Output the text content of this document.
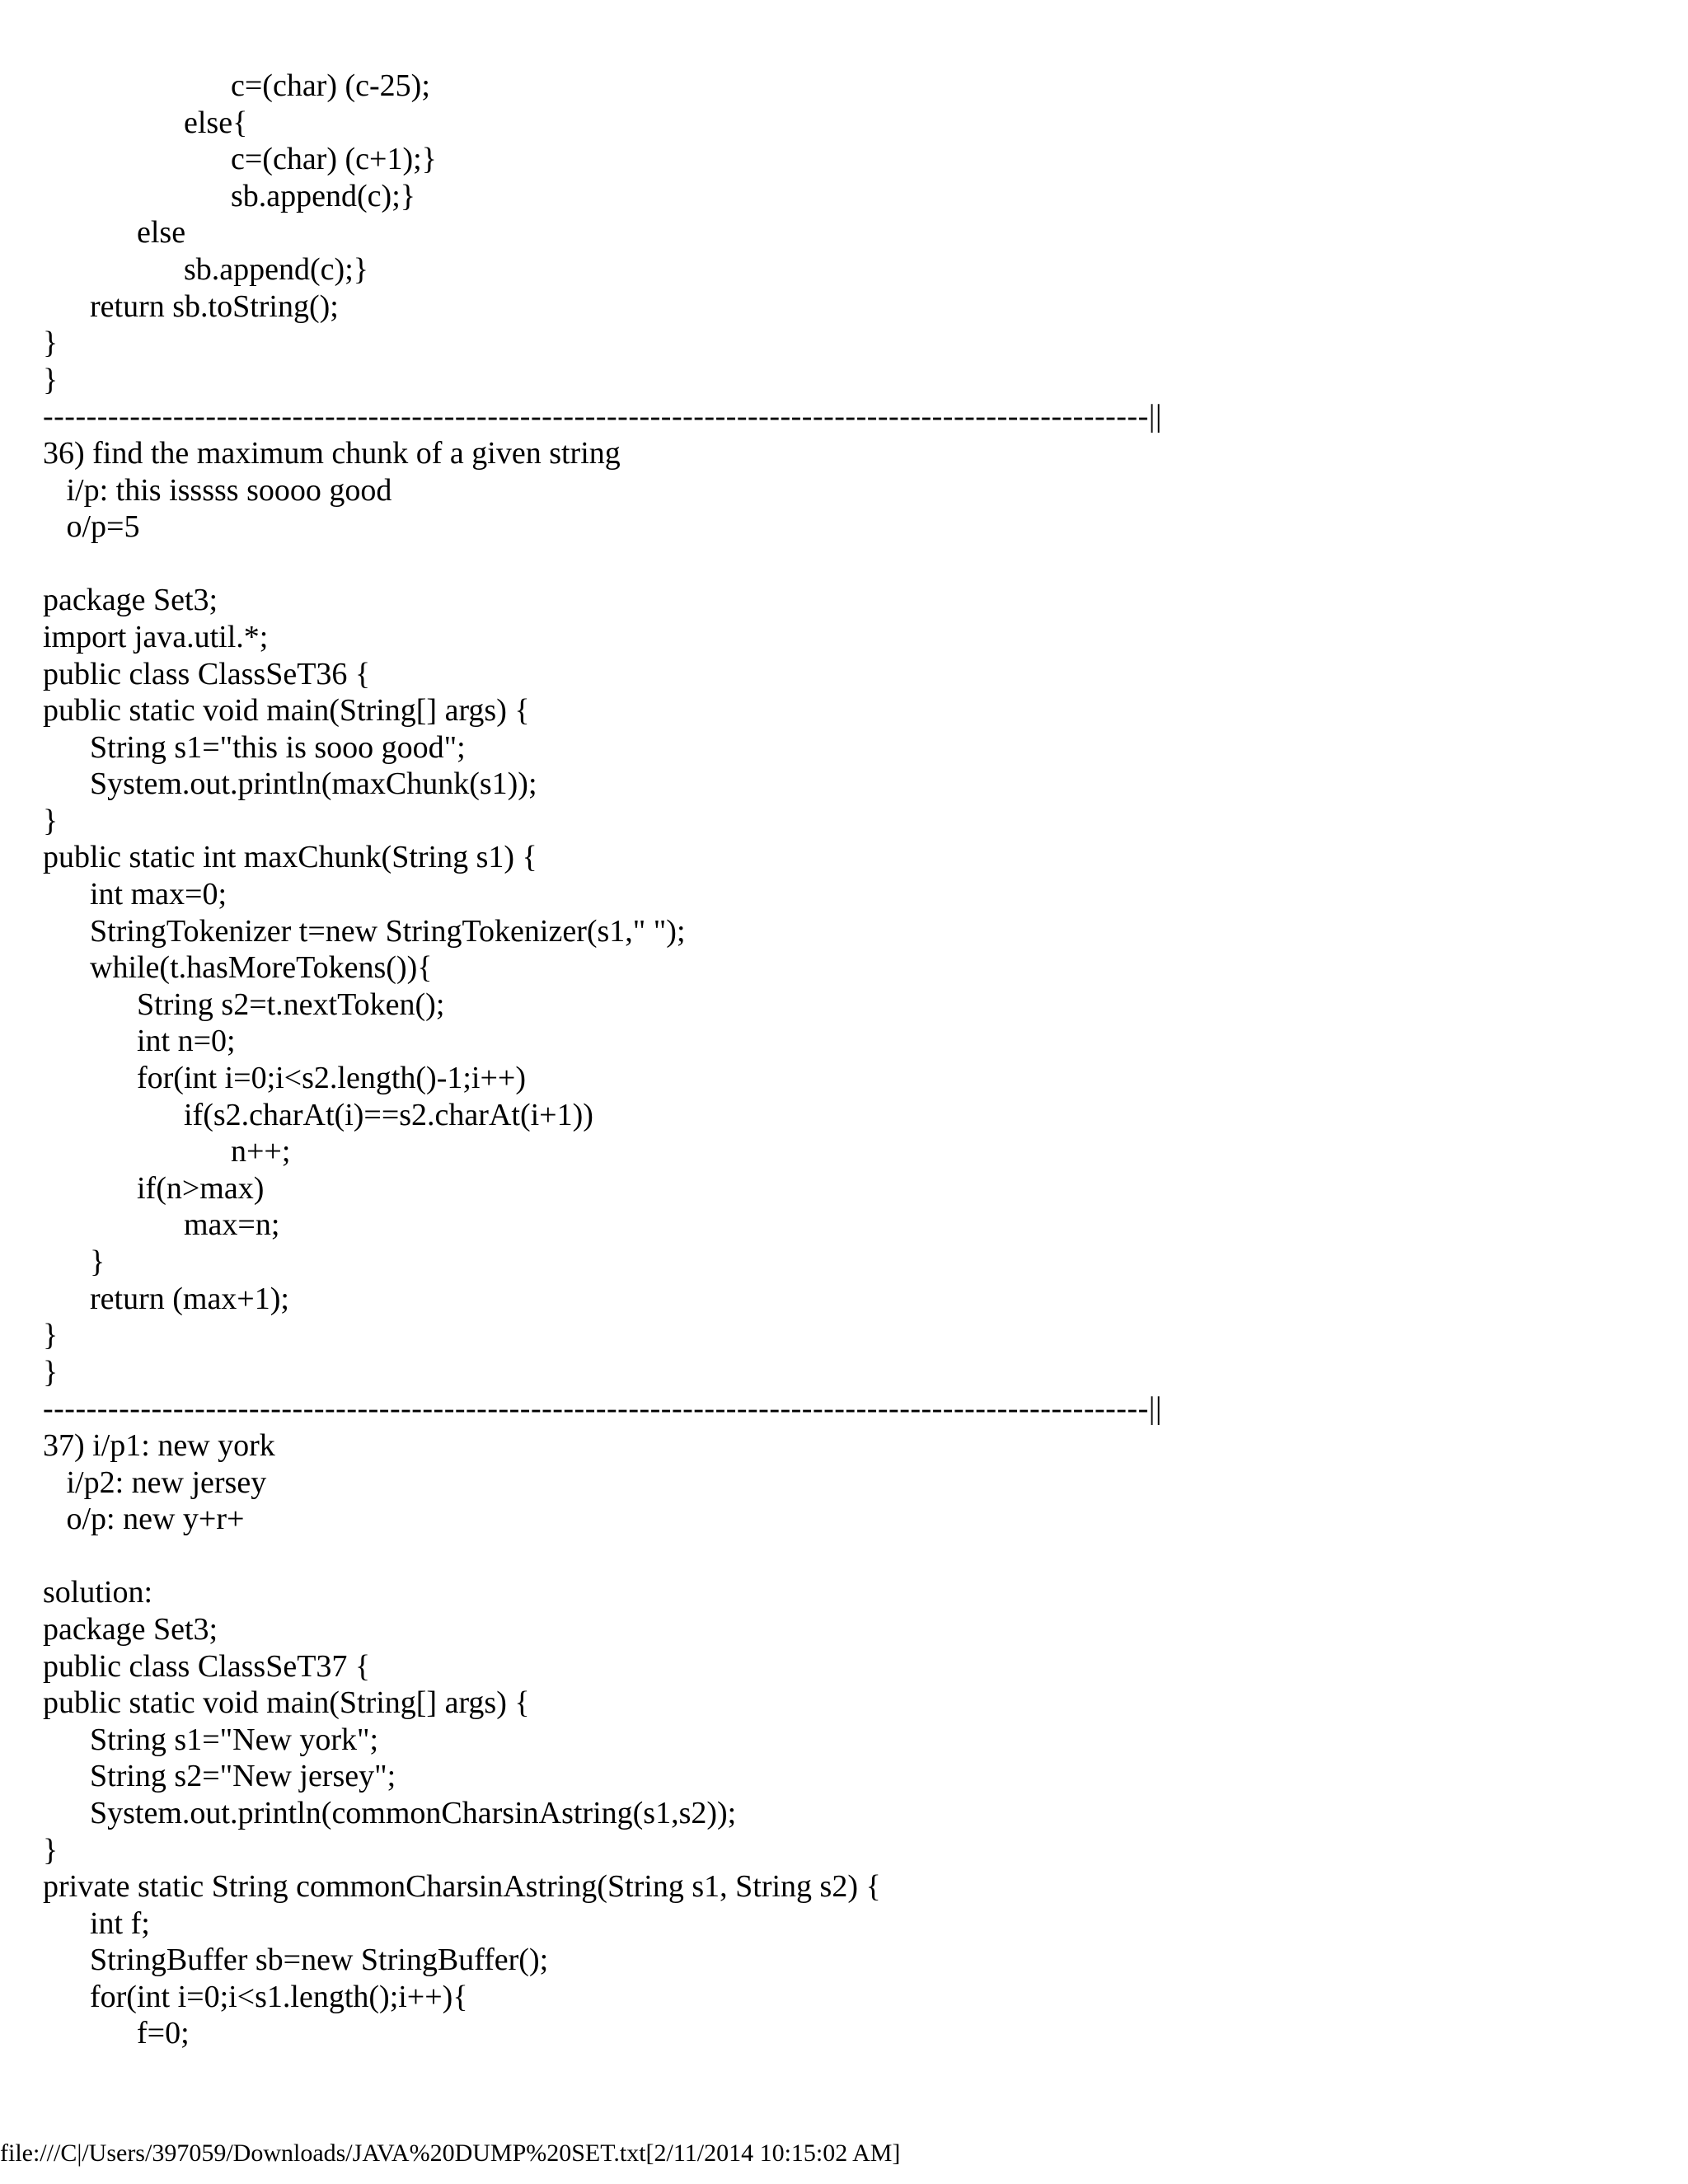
c=(char) (c-25);
else{
c=(char) (c+1);}
sb.append(c);}
else
sb.append(c);}
return sb.toString();
}
}
------------------------------------------------------------------------------------------------------||
36) find the maximum chunk of a given string
i/p: this isssss soooo good
o/p=5
package Set3;
import java.util.*;
public class ClassSeT36 {
public static void main(String[] args) {
String s1="this is sooo good";
System.out.println(maxChunk(s1));
}
public static int maxChunk(String s1) {
int max=0;
StringTokenizer t=new StringTokenizer(s1," ");
while(t.hasMoreTokens()){
String s2=t.nextToken();
int n=0;
for(int i=0;i<s2.length()-1;i++)
if(s2.charAt(i)==s2.charAt(i+1))
n++;
if(n>max)
max=n;
}
return (max+1);
}
}
------------------------------------------------------------------------------------------------------||
37) i/p1: new york
i/p2: new jersey
o/p: new y+r+
solution:
package Set3;
public class ClassSeT37 {
public static void main(String[] args) {
String s1="New york";
String s2="New jersey";
System.out.println(commonCharsinAstring(s1,s2));
}
private static String commonCharsinAstring(String s1, String s2) {
int f;
StringBuffer sb=new StringBuffer();
for(int i=0;i<s1.length();i++){
f=0;
file:///C|/Users/397059/Downloads/JAVA%20DUMP%20SET.txt[2/11/2014 10:15:02 AM]
